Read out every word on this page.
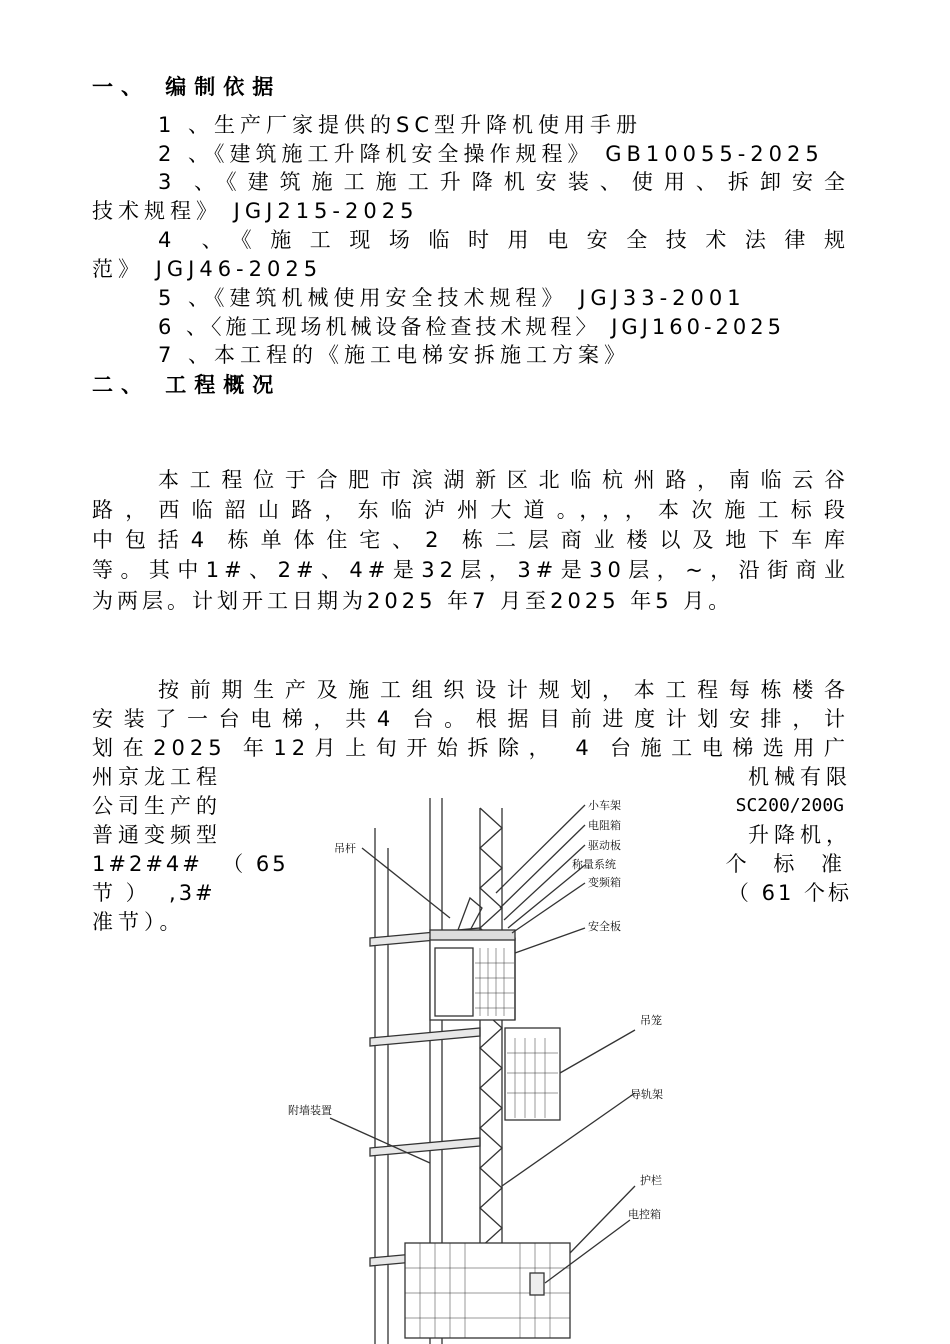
一、 编制依据
1 、生产厂家提供的SC型升降机使用手册
2 、《建筑施工升降机安全操作规程》 GB10055-2025
3 、《建筑施工施工升降机安装、使用、拆卸安全
技术规程》 JGJ215-2025
4 、《施工现场临时用电安全技术法律规
范》 JGJ46-2025
5 、《建筑机械使用安全技术规程》 JGJ33-2001
6 、〈施工现场机械设备检查技术规程〉 JGJ160-2025
7 、本工程的《施工电梯安拆施工方案》
二、 工程概况
本工程位于合肥市滨湖新区北临杭州路，南临云谷
路，西临韶山路，东临泸州大道。，，，本次施工标段
中包括4 栋单体住宅、2 栋二层商业楼以及地下车库
等。其中1#、2#、4#是32层，3#是30层，~，沿街商业
为两层。计划开工日期为2025 年7 月至2025 年5 月。
按前期生产及施工组织设计规划，本工程每栋楼各
安装了一台电梯，共4 台。根据目前进度计划安排，计
划在2025 年12月上旬开始拆除， 4 台施工电梯选用广
州京龙工程
公司生产的
普通变频型
1#2#4#  （ 65
节 ）  ,3#
准节）。
机械有限
SC200/200G
升降机，
个 标 准
（ 61 个标
小车架
电阻箱
驱动板
称量系统
变频箱
吊杆
安全板
吊笼
导轨架
附墙装置
护栏
电控箱
